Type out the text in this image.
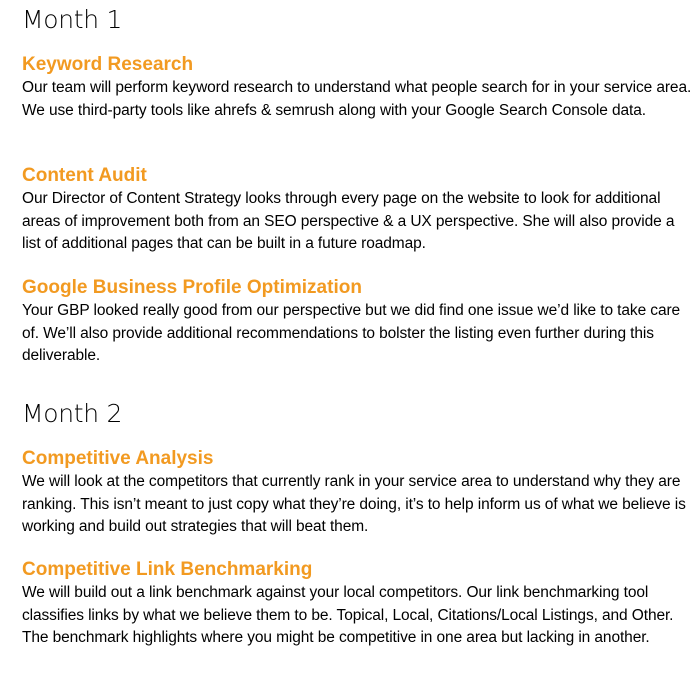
Month 1
Keyword Research

Our team will perform keyword research to understand what people search for in your service area. We use third-party tools like ahrefs & semrush along with your Google Search Console data.

Content Audit

Our Director of Content Strategy looks through every page on the website to look for additional areas of improvement both from an SEO perspective & a UX perspective. She will also provide a list of additional pages that can be built in a future roadmap.

Google Business Profile Optimization

Your GBP looked really good from our perspective but we did find one issue we’d like to take care of. We’ll also provide additional recommendations to bolster the listing even further during this deliverable.

Month 2
Competitive Analysis

We will look at the competitors that currently rank in your service area to understand why they are ranking. This isn’t meant to just copy what they’re doing, it’s to help inform us of what we believe is working and build out strategies that will beat them.

Competitive Link Benchmarking

We will build out a link benchmark against your local competitors. Our link benchmarking tool classifies links by what we believe them to be. Topical, Local, Citations/Local Listings, and Other. The benchmark highlights where you might be competitive in one area but lacking in another.
